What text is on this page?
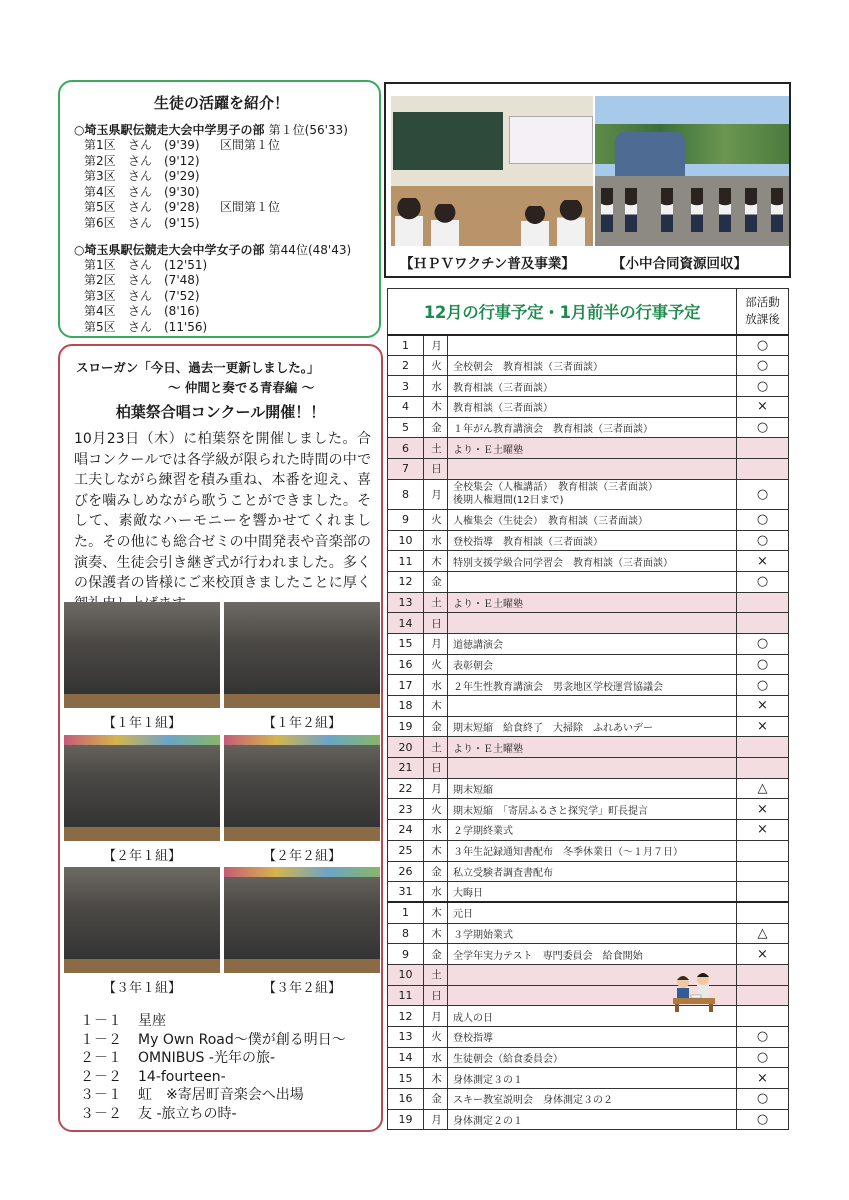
生徒の活躍を紹介！
○埼玉県駅伝競走大会中学男子の部 第１位(56'33)
第1区	さん (9'39)	区間第１位
第2区	さん (9'12)
第3区	さん (9'29)
第4区	さん (9'30)
第5区	さん (9'28)	区間第１位
第6区	さん (9'15)
○埼玉県駅伝競走大会中学女子の部 第44位(48'43)
第1区	さん (12'51)
第2区	さん (7'48)
第3区	さん (7'52)
第4区	さん (8'16)
第5区	さん (11'56)
スローガン「今日、過去一更新しました。」
～ 仲間と奏でる青春編 ～
柏葉祭合唱コンクール開催！！
10月23日（木）に柏葉祭を開催しました。合唱コンクールでは各学級が限られた時間の中で工夫しながら練習を積み重ね、本番を迎え、喜びを噛みしめながら歌うことができました。そして、素敵なハーモニーを響かせてくれました。その他にも総合ゼミの中間発表や音楽部の演奏、生徒会引き継ぎ式が行われました。多くの保護者の皆様にご来校頂きましたことに厚く
【１年１組】	【１年２組】
【２年１組】	【２年２組】
【３年１組】	【３年２組】
１－１	星座
１－２	My Own Road～僕が創る明日～
２－１	OMNIBUS -光年の旅-
２－２	14-fourteen-
３－１	虹　※寄居町音楽会へ出場
３－２	友 -旅立ちの時-
【ＨＰＶワクチン普及事業】	【小中合同資源回収】
12月の行事予定・1月前半の行事予定			部活動
放課後
1	月		○
2	火	全校朝会　教育相談（三者面談）	○
3	水	教育相談（三者面談）	○
4	木	教育相談（三者面談）	×
5	金	１年がん教育講演会　教育相談（三者面談）	○
6	土	より・Ｅ土曜塾	
7	日		
8	月	全校集会（人権講話）　教育相談（三者面談）
後期人権週間(12日まで)	○
9	火	人権集会（生徒会）　教育相談（三者面談）	○
10	水	登校指導　教育相談（三者面談）	○
11	木	特別支援学級合同学習会　教育相談（三者面談）	×
12	金		○
13	土	より・Ｅ土曜塾	
14	日		
15	月	道徳講演会	○
16	火	表彰朝会	○
17	水	２年生性教育講演会　男衾地区学校運営協議会	○
18	木		×
19	金	期末短縮　給食終了　大掃除　ふれあいデー	×
20	土	より・Ｅ土曜塾	
21	日		
22	月	期末短縮	△
23	火	期末短縮　「寄居ふるさと探究学」町長提言	×
24	水	２学期終業式	×
25	木	３年生記録通知書配布　冬季休業日（～１月７日）	
26	金	私立受験者調査書配布	
31	水	大晦日	
1	木	元日	
8	木	３学期始業式	△
9	金	全学年実力テスト　専門委員会　給食開始	×
10	土		
11	日		
12	月	成人の日	
13	火	登校指導	○
14	水	生徒朝会（給食委員会）	○
15	木	身体測定３の１	×
16	金	スキー教室説明会　身体測定３の２	○
19	月	身体測定２の１	○
